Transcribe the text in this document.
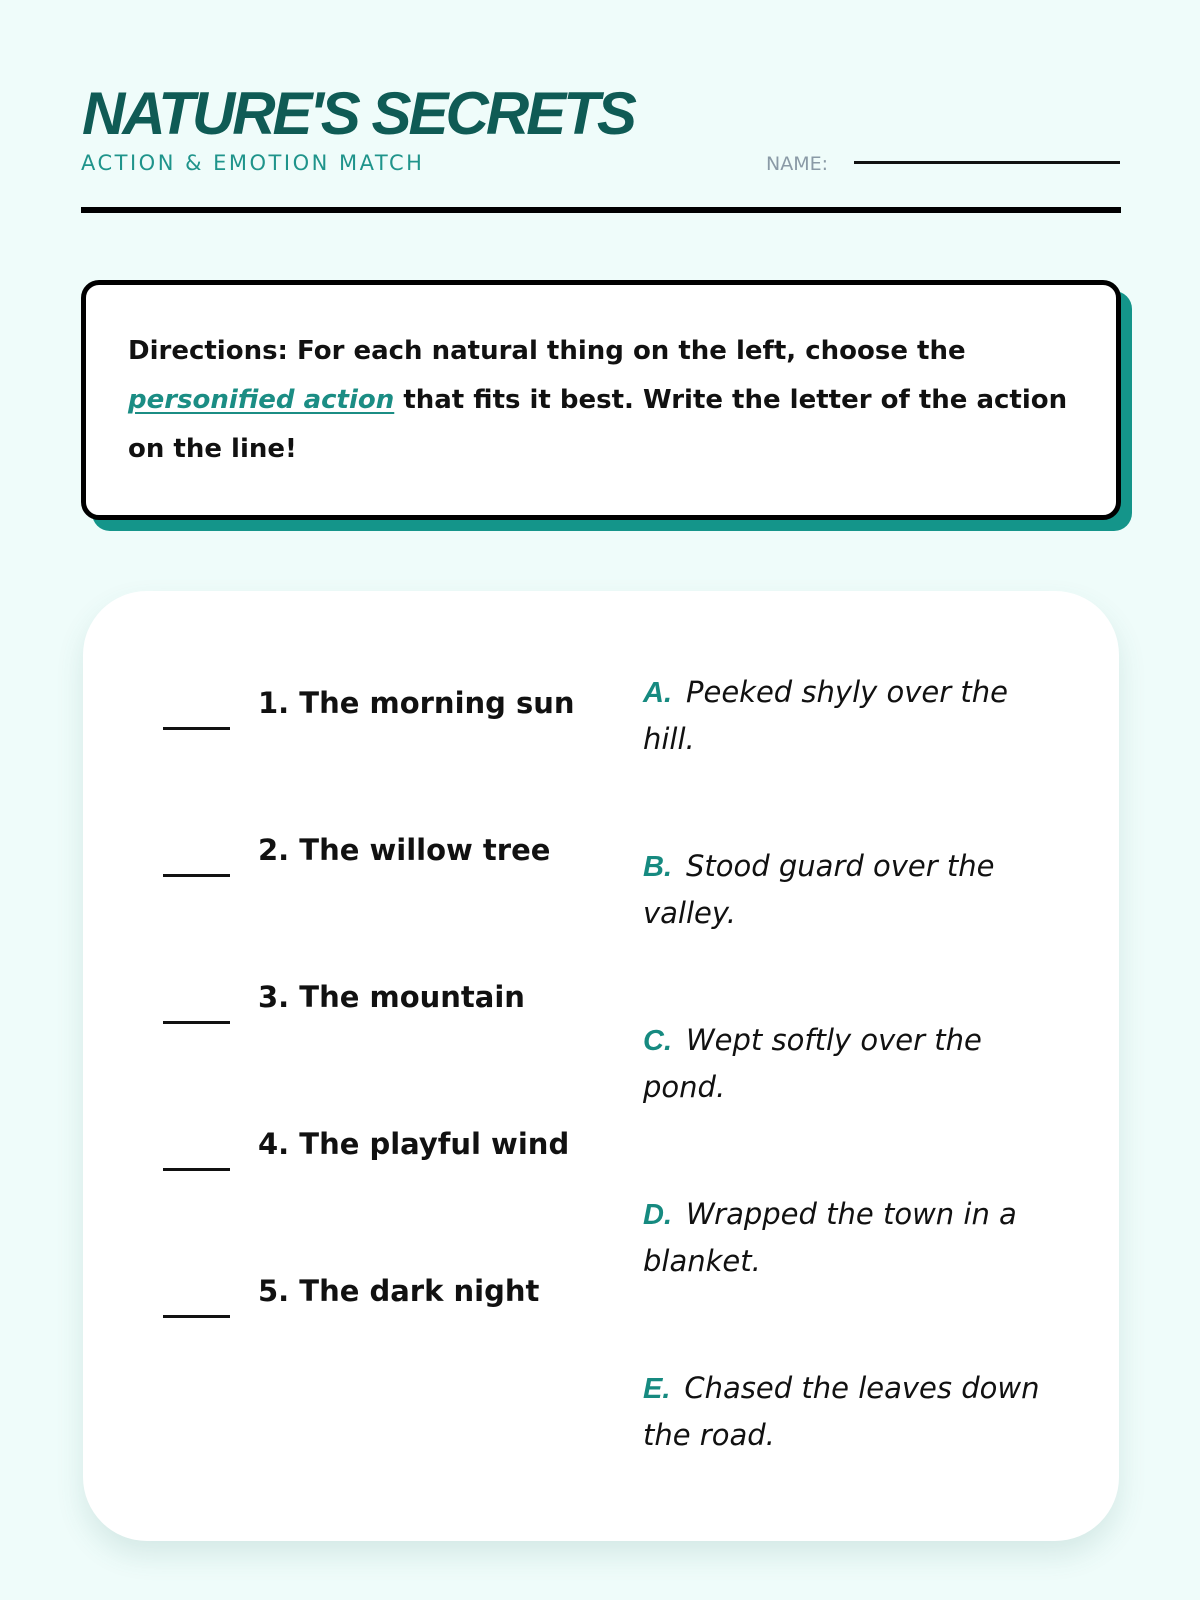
NATURE'S SECRETS
ACTION & EMOTION MATCH	NAME:
Directions: For each natural thing on the left, choose the personified action that fits it best. Write the letter of the action on the line!
1. The morning sun
2. The willow tree
3. The mountain
4. The playful wind
5. The dark night
A. Peeked shyly over the hill.
B. Stood guard over the valley.
C. Wept softly over the pond.
D. Wrapped the town in a blanket.
E. Chased the leaves down the road.
